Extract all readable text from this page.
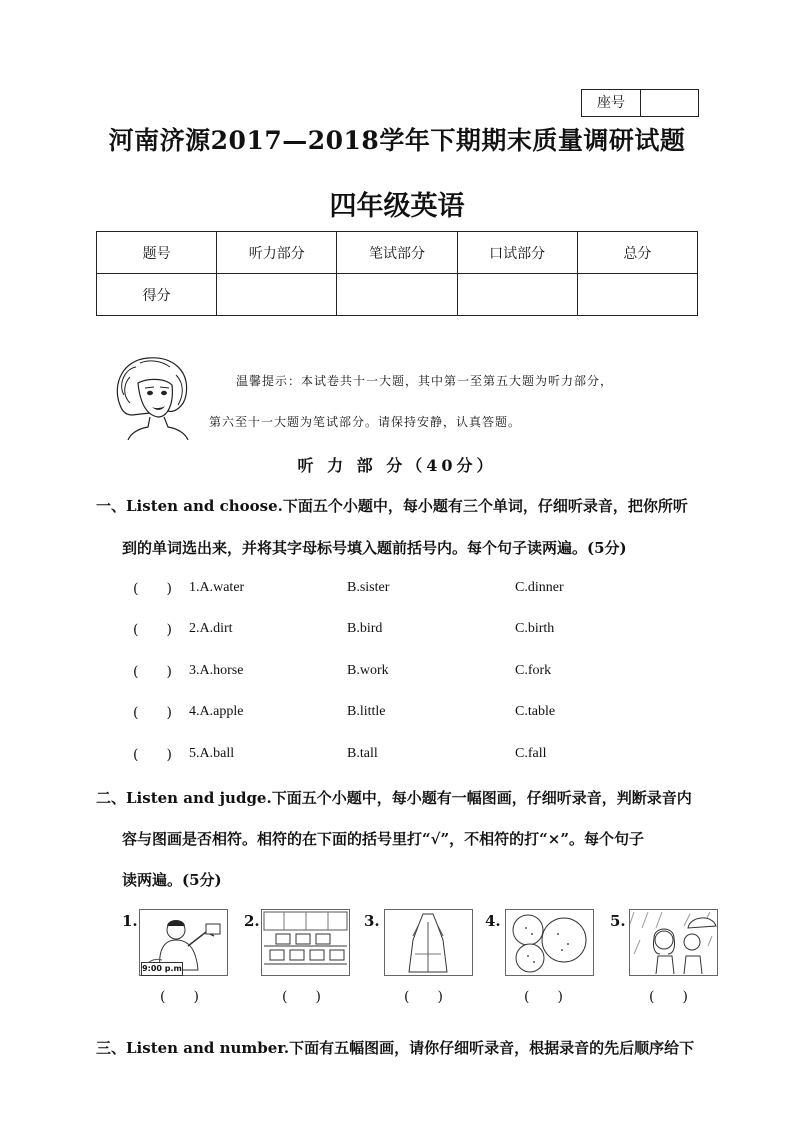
座号
河南济源2017—2018学年下期期末质量调研试题
四年级英语
题号	听力部分	笔试部分	口试部分	总分
得分				
温馨提示：本试卷共十一大题，其中第一至第五大题为听力部分，
第六至十一大题为笔试部分。请保持安静，认真答题。
听 力 部 分（40分）
一、Listen and choose.下面五个小题中，每小题有三个单词，仔细听录音，把你所听
到的单词选出来，并将其字母标号填入题前括号内。每个句子读两遍。(5分)
(　　) 1.A.water	B.sister	C.dinner
(　　) 2.A.dirt	B.bird	C.birth
(　　) 3.A.horse	B.work	C.fork
(　　) 4.A.apple	B.little	C.table
(　　) 5.A.ball	B.tall	C.fall
二、Listen and judge.下面五个小题中，每小题有一幅图画，仔细听录音，判断录音内
容与图画是否相符。相符的在下面的括号里打“√”，不相符的打“×”。每个句子
读两遍。(5分)
1.
9:00 p.m
(　　)
2.
(　　)
3.
(　　)
4.
(　　)
5.
(　　)
三、Listen and number.下面有五幅图画，请你仔细听录音，根据录音的先后顺序给下
